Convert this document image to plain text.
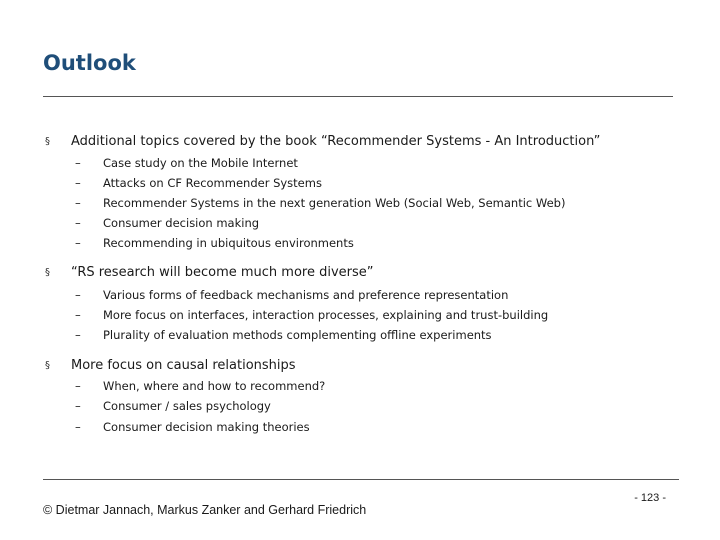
Outlook
§ Additional topics covered by the book “Recommender Systems - An Introduction”
– Case study on the Mobile Internet
– Attacks on CF Recommender Systems
– Recommender Systems in the next generation Web (Social Web, Semantic Web)
– Consumer decision making
– Recommending in ubiquitous environments
§ “RS research will become much more diverse”
– Various forms of feedback mechanisms and preference representation
– More focus on interfaces, interaction processes, explaining and trust-building
– Plurality of evaluation methods complementing offline experiments
§ More focus on causal relationships
– When, where and how to recommend?
– Consumer / sales psychology
– Consumer decision making theories
© Dietmar Jannach, Markus Zanker and Gerhard Friedrich
- 123 -
